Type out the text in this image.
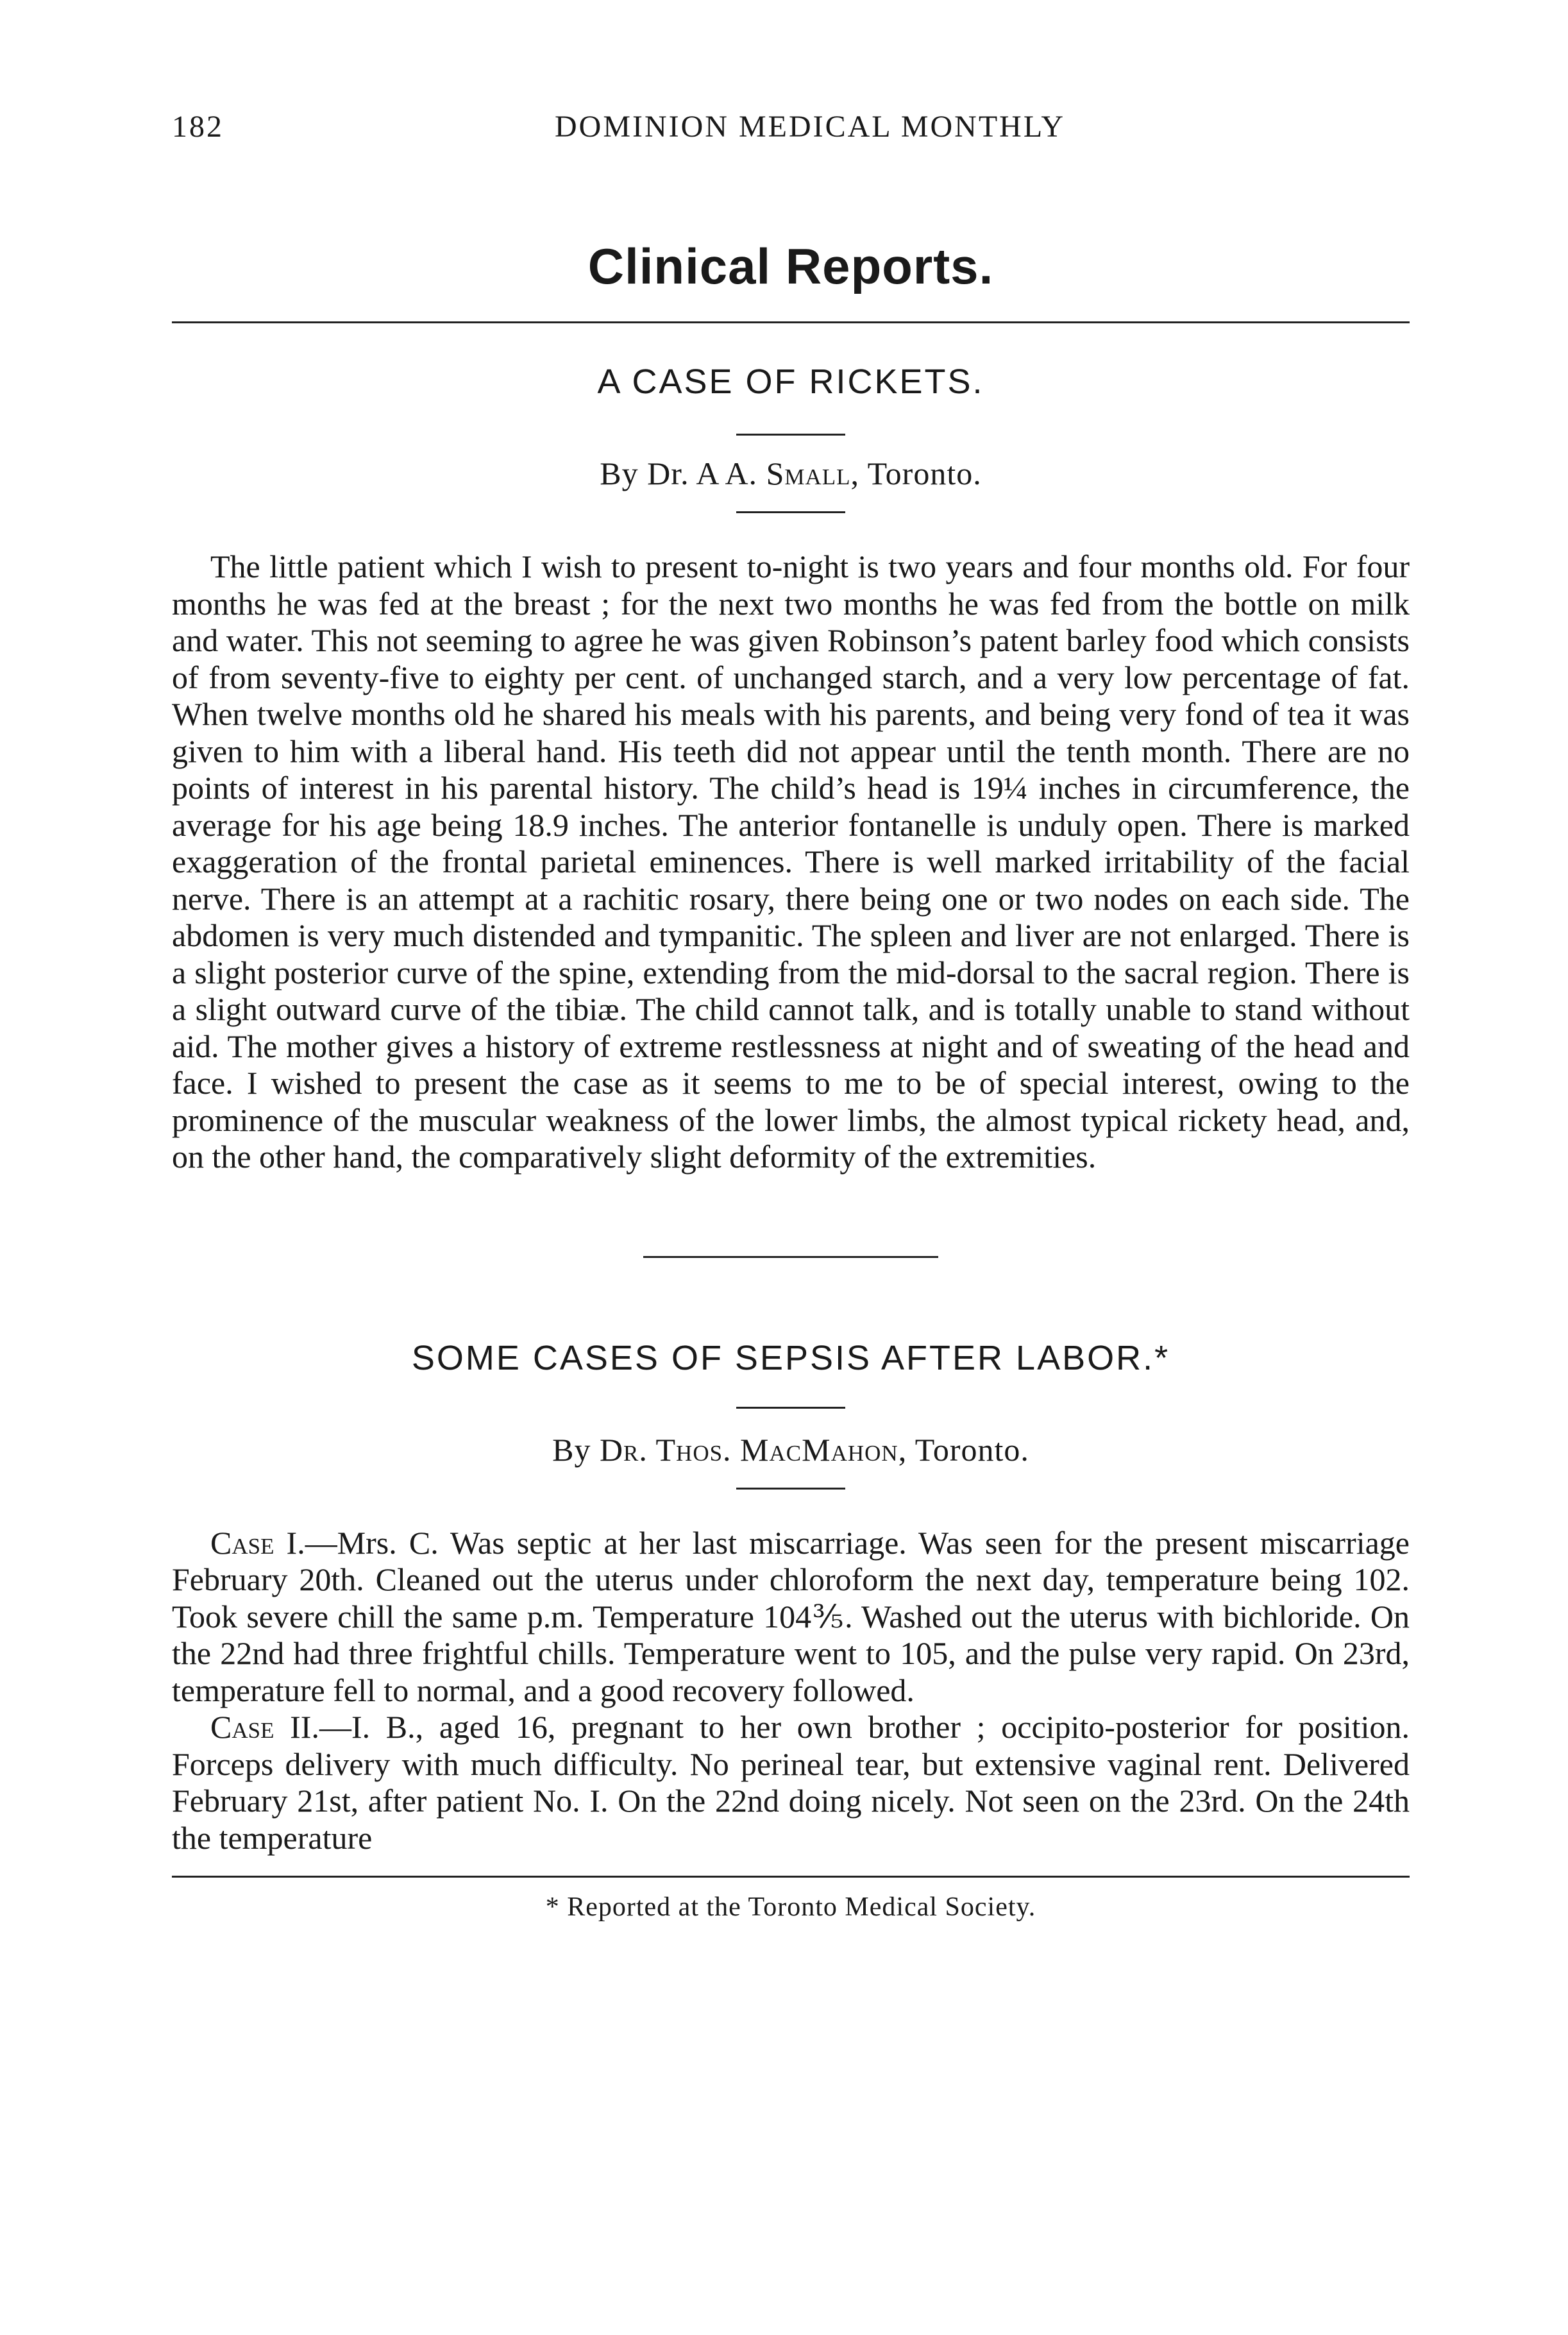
182	DOMINION MEDICAL MONTHLY
Clinical Reports.
A CASE OF RICKETS.
By Dr. A A. Small, Toronto.

The little patient which I wish to present to-night is two years and four months old. For four months he was fed at the breast ; for the next two months he was fed from the bottle on milk and water. This not seeming to agree he was given Robinson’s patent barley food which consists of from seventy-five to eighty per cent. of unchanged starch, and a very low percentage of fat. When twelve months old he shared his meals with his parents, and being very fond of tea it was given to him with a liberal hand. His teeth did not appear until the tenth month. There are no points of interest in his parental history. The child’s head is 19¼ inches in circumference, the average for his age being 18.9 inches. The anterior fontanelle is unduly open. There is marked exaggeration of the frontal parietal eminences. There is well marked irritability of the facial nerve. There is an attempt at a rachitic rosary, there being one or two nodes on each side. The abdomen is very much distended and tympanitic. The spleen and liver are not enlarged. There is a slight posterior curve of the spine, extending from the mid-dorsal to the sacral region. There is a slight outward curve of the tibiæ. The child cannot talk, and is totally unable to stand without aid. The mother gives a history of extreme restlessness at night and of sweating of the head and face. I wished to present the case as it seems to me to be of special interest, owing to the prominence of the muscular weakness of the lower limbs, the almost typical rickety head, and, on the other hand, the comparatively slight deformity of the extremities.

SOME CASES OF SEPSIS AFTER LABOR.*
By Dr. Thos. MacMahon, Toronto.

Case I.—Mrs. C. Was septic at her last miscarriage. Was seen for the present miscarriage February 20th. Cleaned out the uterus under chloroform the next day, temperature being 102. Took severe chill the same p.m. Temperature 104⅗. Washed out the uterus with bichloride. On the 22nd had three frightful chills. Temperature went to 105, and the pulse very rapid. On 23rd, temperature fell to normal, and a good recovery followed.

Case II.—I. B., aged 16, pregnant to her own brother ; occipito-posterior for position. Forceps delivery with much difficulty. No perineal tear, but extensive vaginal rent. Delivered February 21st, after patient No. I. On the 22nd doing nicely. Not seen on the 23rd. On the 24th the temperature

* Reported at the Toronto Medical Society.
